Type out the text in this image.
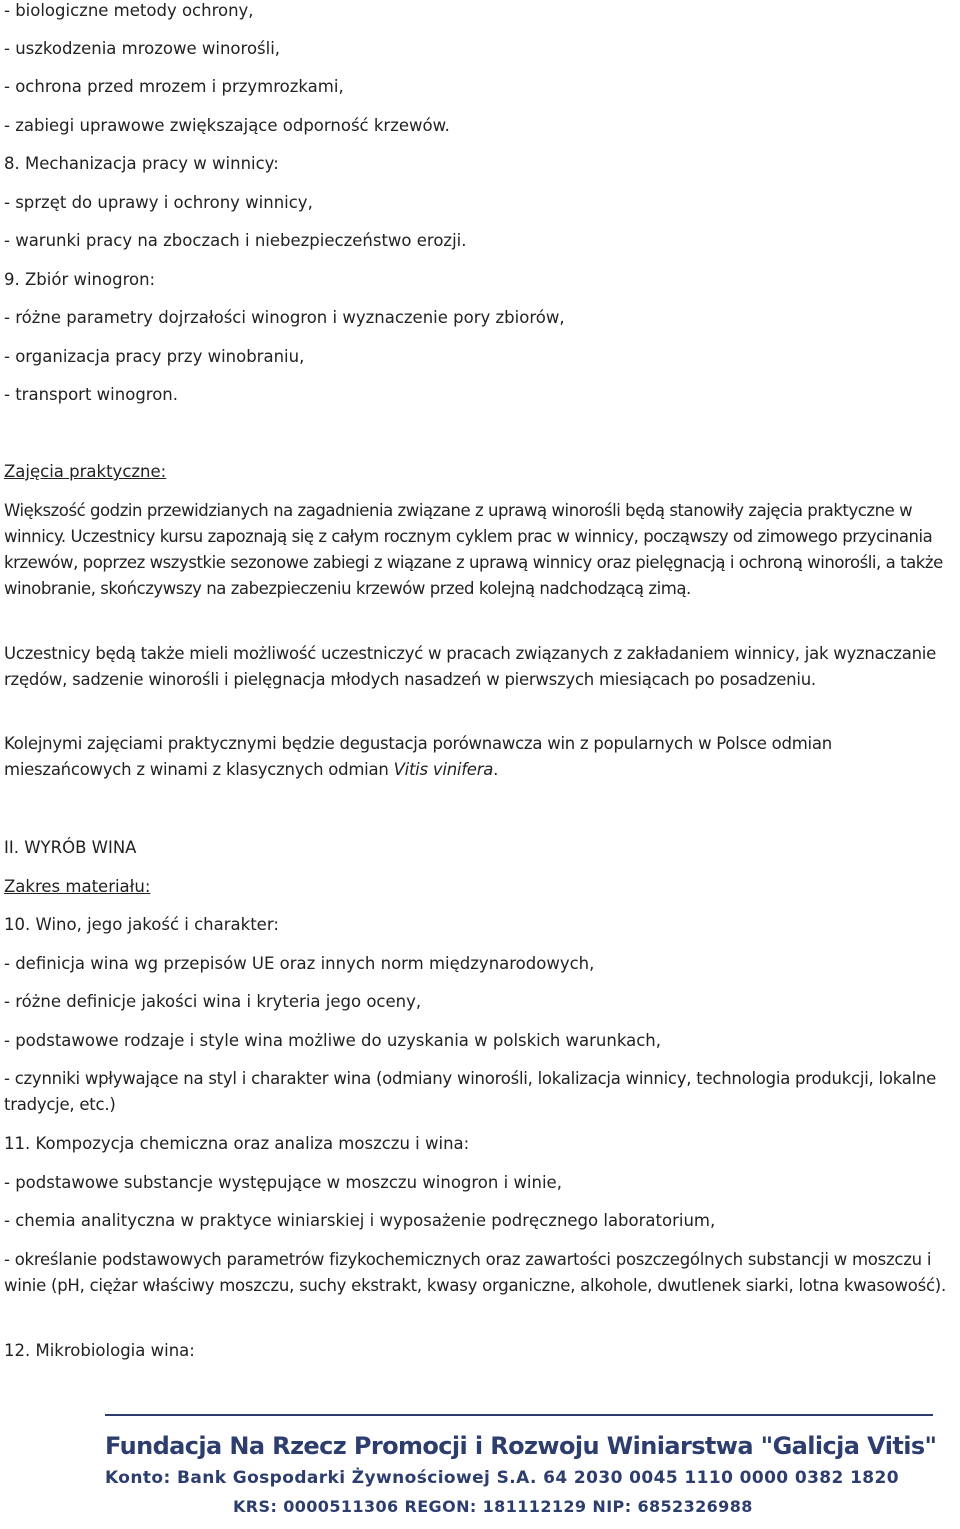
- biologiczne metody ochrony,

- uszkodzenia mrozowe winorośli,

- ochrona przed mrozem i przymrozkami,

- zabiegi uprawowe zwiększające odporność krzewów.

8. Mechanizacja pracy w winnicy:

- sprzęt do uprawy i ochrony winnicy,

- warunki pracy na zboczach i niebezpieczeństwo erozji.

9. Zbiór winogron:

- różne parametry dojrzałości winogron i wyznaczenie pory zbiorów,

- organizacja pracy przy winobraniu,

- transport winogron.

Zajęcia praktyczne:

Większość godzin przewidzianych na zagadnienia związane z uprawą winorośli będą stanowiły zajęcia praktyczne w winnicy. Uczestnicy kursu zapoznają się z całym rocznym cyklem prac w winnicy, począwszy od zimowego przycinania krzewów, poprzez wszystkie sezonowe zabiegi z wiązane z uprawą winnicy oraz pielęgnacją i ochroną winorośli, a także winobranie, skończywszy na zabezpieczeniu krzewów przed kolejną nadchodzącą zimą.

Uczestnicy będą także mieli możliwość uczestniczyć w pracach związanych z zakładaniem winnicy, jak wyznaczanie rzędów, sadzenie winorośli i pielęgnacja młodych nasadzeń w pierwszych miesiącach po posadzeniu.

Kolejnymi zajęciami praktycznymi będzie degustacja porównawcza win z popularnych w Polsce odmian mieszańcowych z winami z klasycznych odmian Vitis vinifera.

II. WYRÓB WINA

Zakres materiału:

10. Wino, jego jakość i charakter:

- definicja wina wg przepisów UE oraz innych norm międzynarodowych,

- różne definicje jakości wina i kryteria jego oceny,

- podstawowe rodzaje i style wina możliwe do uzyskania w polskich warunkach,

- czynniki wpływające na styl i charakter wina (odmiany winorośli, lokalizacja winnicy, technologia produkcji, lokalne tradycje, etc.)

11. Kompozycja chemiczna oraz analiza moszczu i wina:

- podstawowe substancje występujące w moszczu winogron i winie,

- chemia analityczna w praktyce winiarskiej i wyposażenie podręcznego laboratorium,

- określanie podstawowych parametrów fizykochemicznych oraz zawartości poszczególnych substancji w moszczu i winie (pH, ciężar właściwy moszczu, suchy ekstrakt, kwasy organiczne, alkohole, dwutlenek siarki, lotna kwasowość).

12. Mikrobiologia wina:

Fundacja Na Rzecz Promocji i Rozwoju Winiarstwa "Galicja Vitis"

Konto: Bank Gospodarki Żywnościowej S.A. 64 2030 0045 1110 0000 0382 1820

KRS: 0000511306 REGON: 181112129 NIP: 6852326988
